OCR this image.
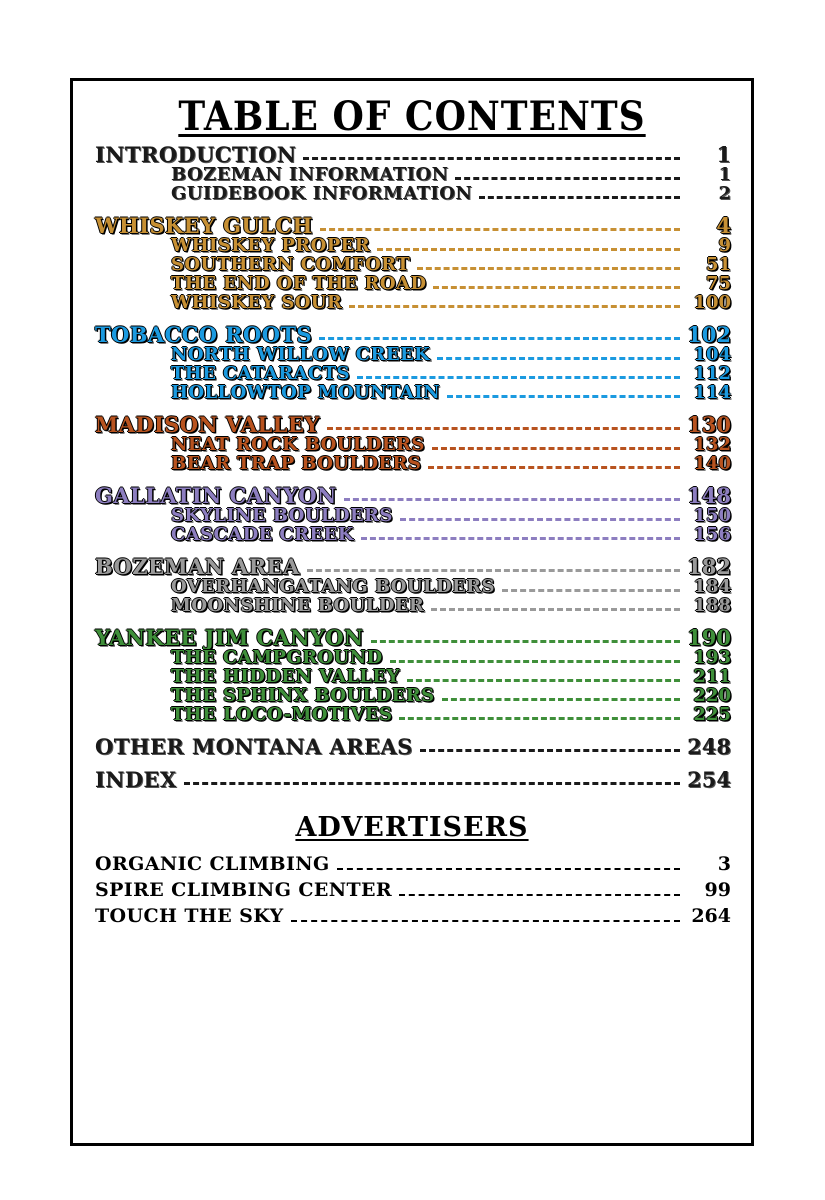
TABLE OF CONTENTS
INTRODUCTION	1
BOZEMAN INFORMATION	1
GUIDEBOOK INFORMATION	2
WHISKEY GULCH	4
WHISKEY PROPER	9
SOUTHERN COMFORT	51
THE END OF THE ROAD	75
WHISKEY SOUR	100
TOBACCO ROOTS	102
NORTH WILLOW CREEK	104
THE CATARACTS	112
HOLLOWTOP MOUNTAIN	114
MADISON VALLEY	130
NEAT ROCK BOULDERS	132
BEAR TRAP BOULDERS	140
GALLATIN CANYON	148
SKYLINE BOULDERS	150
CASCADE CREEK	156
BOZEMAN AREA	182
OVERHANGATANG BOULDERS	184
MOONSHINE BOULDER	188
YANKEE JIM CANYON	190
THE CAMPGROUND	193
THE HIDDEN VALLEY	211
THE SPHINX BOULDERS	220
THE LOCO-MOTIVES	225
OTHER MONTANA AREAS	248
INDEX	254
ADVERTISERS
ORGANIC CLIMBING	3
SPIRE CLIMBING CENTER	99
TOUCH THE SKY	264
